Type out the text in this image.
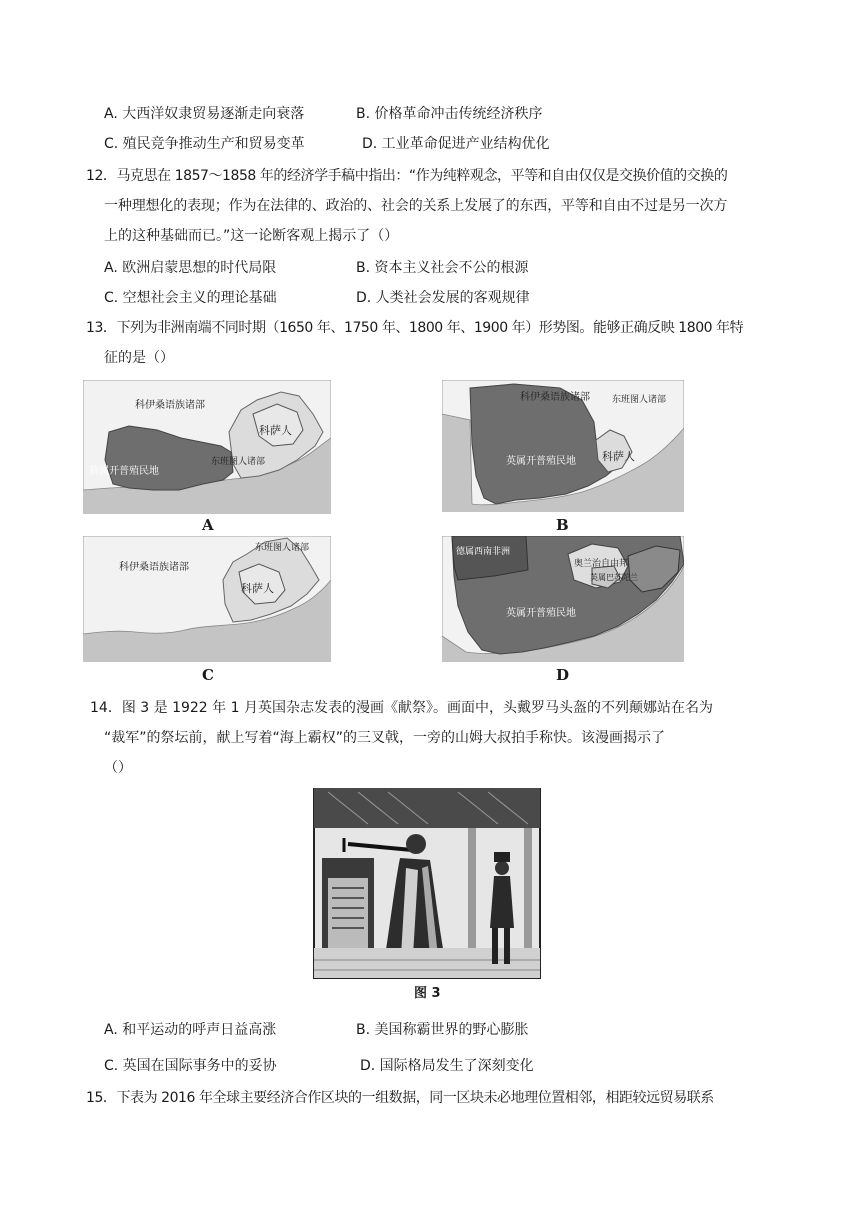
A. 大西洋奴隶贸易逐渐走向衰落	B. 价格革命冲击传统经济秩序
C. 殖民竞争推动生产和贸易变革	D. 工业革命促进产业结构优化
12．马克思在 1857～1858 年的经济学手稿中指出：“作为纯粹观念，平等和自由仅仅是交换价值的交换的
一种理想化的表现；作为在法律的、政治的、社会的关系上发展了的东西，平等和自由不过是另一次方
上的这种基础而已。”这一论断客观上揭示了（）
A. 欧洲启蒙思想的时代局限	B. 资本主义社会不公的根源
C. 空想社会主义的理论基础	D. 人类社会发展的客观规律
13．下列为非洲南端不同时期（1650 年、1750 年、1800 年、1900 年）形势图。能够正确反映 1800 年特
征的是（）
科伊桑语族诸部
科萨人
东班图人诸部
荷属开普殖民地
A
科伊桑语族诸部 东班图人诸部
英属开普殖民地 科萨人
B
东班图人诸部
科伊桑语族诸部
科萨人
C
德属西南非洲
奥兰治自由邦
英属巴苏陀兰
英属开普殖民地
D
14．图 3 是 1922 年 1 月英国杂志发表的漫画《献祭》。画面中，头戴罗马头盔的不列颠娜站在名为
“裁军”的祭坛前，献上写着“海上霸权”的三叉戟，一旁的山姆大叔拍手称快。该漫画揭示了
（）
图 3
A. 和平运动的呼声日益高涨	B. 美国称霸世界的野心膨胀
C. 英国在国际事务中的妥协	D. 国际格局发生了深刻变化
15．下表为 2016 年全球主要经济合作区块的一组数据，同一区块未必地理位置相邻，相距较远贸易联系
